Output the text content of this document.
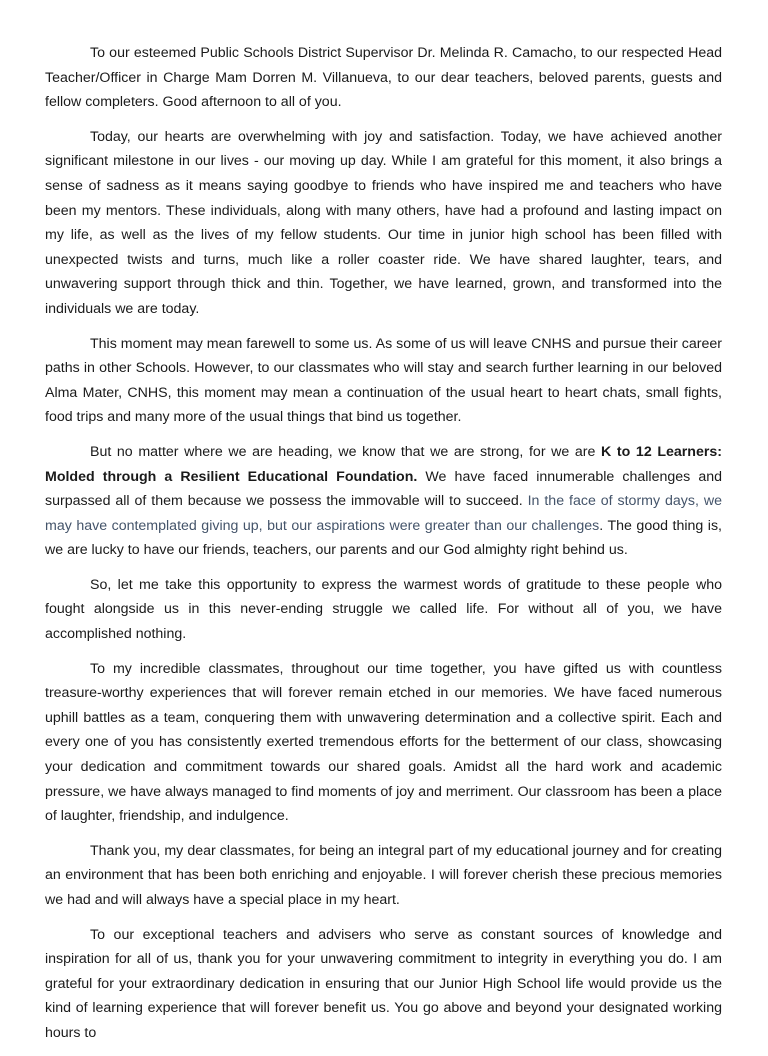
To our esteemed Public Schools District Supervisor Dr. Melinda R. Camacho, to our respected Head Teacher/Officer in Charge Mam Dorren M. Villanueva, to our dear teachers, beloved parents, guests and fellow completers. Good afternoon to all of you.

Today, our hearts are overwhelming with joy and satisfaction. Today, we have achieved another significant milestone in our lives - our moving up day. While I am grateful for this moment, it also brings a sense of sadness as it means saying goodbye to friends who have inspired me and teachers who have been my mentors. These individuals, along with many others, have had a profound and lasting impact on my life, as well as the lives of my fellow students. Our time in junior high school has been filled with unexpected twists and turns, much like a roller coaster ride. We have shared laughter, tears, and unwavering support through thick and thin. Together, we have learned, grown, and transformed into the individuals we are today.

This moment may mean farewell to some us. As some of us will leave CNHS and pursue their career paths in other Schools. However, to our classmates who will stay and search further learning in our beloved Alma Mater, CNHS, this moment may mean a continuation of the usual heart to heart chats, small fights, food trips and many more of the usual things that bind us together.

But no matter where we are heading, we know that we are strong, for we are K to 12 Learners: Molded through a Resilient Educational Foundation. We have faced innumerable challenges and surpassed all of them because we possess the immovable will to succeed. In the face of stormy days, we may have contemplated giving up, but our aspirations were greater than our challenges. The good thing is, we are lucky to have our friends, teachers, our parents and our God almighty right behind us.

So, let me take this opportunity to express the warmest words of gratitude to these people who fought alongside us in this never-ending struggle we called life. For without all of you, we have accomplished nothing.

To my incredible classmates, throughout our time together, you have gifted us with countless treasure-worthy experiences that will forever remain etched in our memories. We have faced numerous uphill battles as a team, conquering them with unwavering determination and a collective spirit. Each and every one of you has consistently exerted tremendous efforts for the betterment of our class, showcasing your dedication and commitment towards our shared goals. Amidst all the hard work and academic pressure, we have always managed to find moments of joy and merriment. Our classroom has been a place of laughter, friendship, and indulgence.

Thank you, my dear classmates, for being an integral part of my educational journey and for creating an environment that has been both enriching and enjoyable. I will forever cherish these precious memories we had and will always have a special place in my heart.

To our exceptional teachers and advisers who serve as constant sources of knowledge and inspiration for all of us, thank you for your unwavering commitment to integrity in everything you do. I am grateful for your extraordinary dedication in ensuring that our Junior High School life would provide us the kind of learning experience that will forever benefit us. You go above and beyond your designated working hours to
